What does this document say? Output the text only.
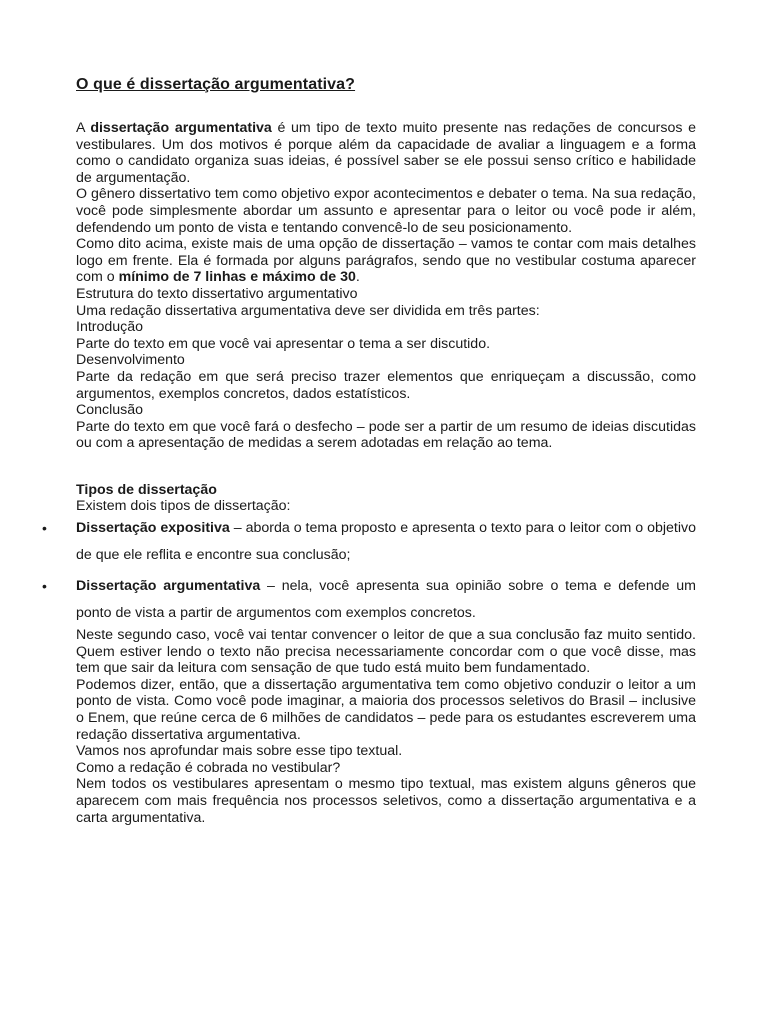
O que é dissertação argumentativa?

A dissertação argumentativa é um tipo de texto muito presente nas redações de concursos e vestibulares. Um dos motivos é porque além da capacidade de avaliar a linguagem e a forma como o candidato organiza suas ideias, é possível saber se ele possui senso crítico e habilidade de argumentação.

O gênero dissertativo tem como objetivo expor acontecimentos e debater o tema. Na sua redação, você pode simplesmente abordar um assunto e apresentar para o leitor ou você pode ir além, defendendo um ponto de vista e tentando convencê-lo de seu posicionamento.

Como dito acima, existe mais de uma opção de dissertação – vamos te contar com mais detalhes logo em frente. Ela é formada por alguns parágrafos, sendo que no vestibular costuma aparecer com o mínimo de 7 linhas e máximo de 30.

Estrutura do texto dissertativo argumentativo

Uma redação dissertativa argumentativa deve ser dividida em três partes:

Introdução

Parte do texto em que você vai apresentar o tema a ser discutido.

Desenvolvimento

Parte da redação em que será preciso trazer elementos que enriqueçam a discussão, como argumentos, exemplos concretos, dados estatísticos.

Conclusão

Parte do texto em que você fará o desfecho – pode ser a partir de um resumo de ideias discutidas ou com a apresentação de medidas a serem adotadas em relação ao tema.

Tipos de dissertação

Existem dois tipos de dissertação:

• Dissertação expositiva – aborda o tema proposto e apresenta o texto para o leitor com o objetivo de que ele reflita e encontre sua conclusão;
• Dissertação argumentativa – nela, você apresenta sua opinião sobre o tema e defende um ponto de vista a partir de argumentos com exemplos concretos.

Neste segundo caso, você vai tentar convencer o leitor de que a sua conclusão faz muito sentido. Quem estiver lendo o texto não precisa necessariamente concordar com o que você disse, mas tem que sair da leitura com sensação de que tudo está muito bem fundamentado.

Podemos dizer, então, que a dissertação argumentativa tem como objetivo conduzir o leitor a um ponto de vista. Como você pode imaginar, a maioria dos processos seletivos do Brasil – inclusive o Enem, que reúne cerca de 6 milhões de candidatos – pede para os estudantes escreverem uma redação dissertativa argumentativa.

Vamos nos aprofundar mais sobre esse tipo textual.

Como a redação é cobrada no vestibular?

Nem todos os vestibulares apresentam o mesmo tipo textual, mas existem alguns gêneros que aparecem com mais frequência nos processos seletivos, como a dissertação argumentativa e a carta argumentativa.
